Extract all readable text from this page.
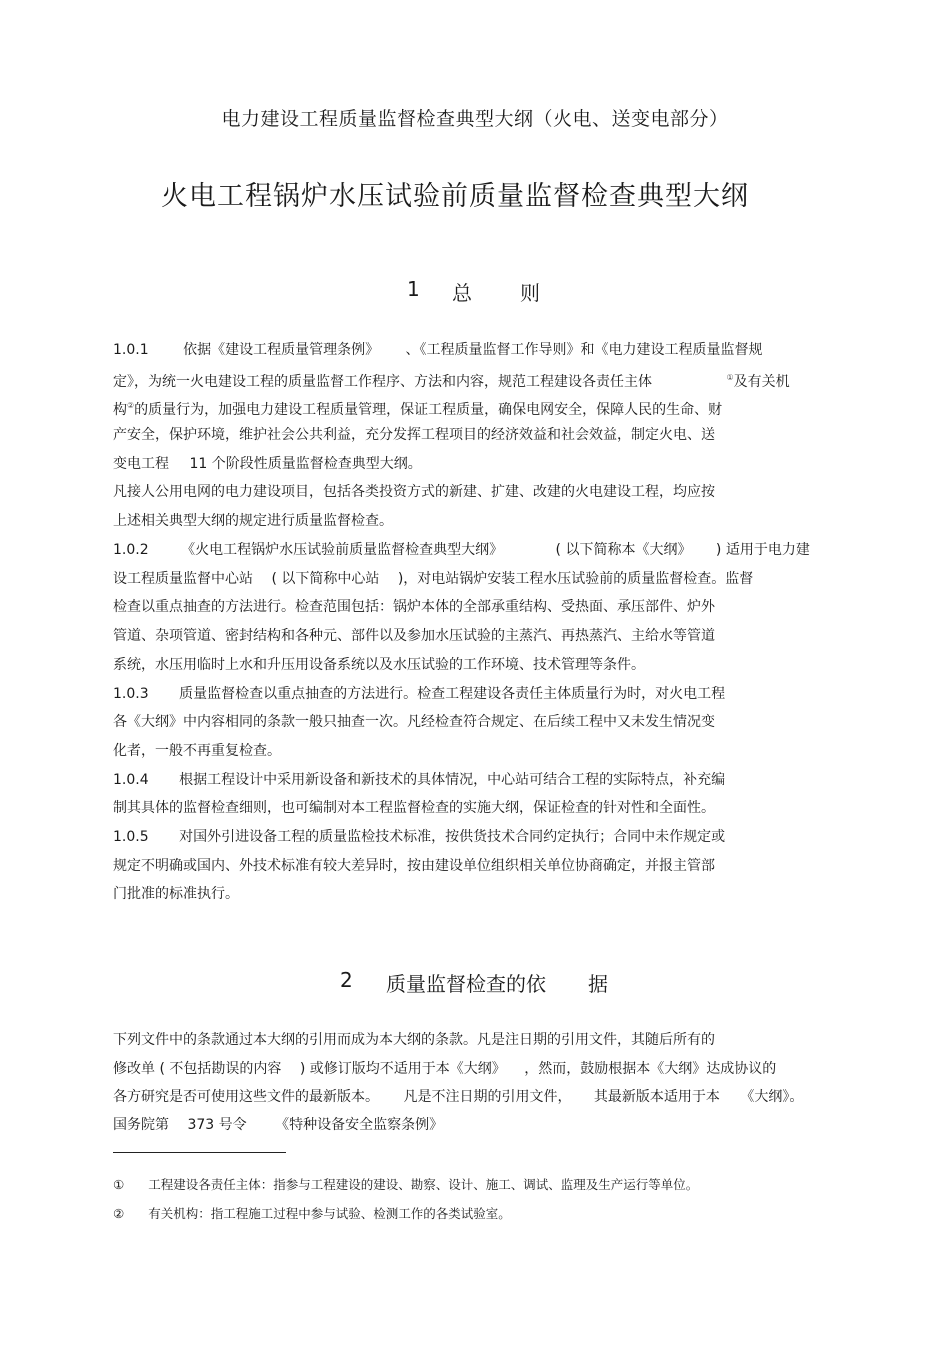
电力建设工程质量监督检查典型大纲（火电、送变电部分）
火电工程锅炉水压试验前质量监督检查典型大纲
1 总 则
1.0.1 依据《建设工程质量管理条例》 、《工程质量监督工作导则》和《电力建设工程质量监督规
定》，为统一火电建设工程的质量监督工作程序、方法和内容，规范工程建设各责任主体	①及有关机
构②的质量行为，加强电力建设工程质量管理，保证工程质量，确保电网安全，保障人民的生命、财
产安全，保护环境，维护社会公共利益，充分发挥工程项目的经济效益和社会效益，制定火电、送
变电工程 11 个阶段性质量监督检查典型大纲。
凡接人公用电网的电力建设项目，包括各类投资方式的新建、扩建、改建的火电建设工程，均应按
上述相关典型大纲的规定进行质量监督检查。
1.0.2 《火电工程锅炉水压试验前质量监督检查典型大纲》	( 以下简称本《大纲》 ) 适用于电力建
设工程质量监督中心站 ( 以下简称中心站 )，对电站锅炉安装工程水压试验前的质量监督检查。监督
检查以重点抽查的方法进行。检查范围包括：锅炉本体的全部承重结构、受热面、承压部件、炉外
管道、杂项管道、密封结构和各种元、部件以及参加水压试验的主蒸汽、再热蒸汽、主给水等管道
系统，水压用临时上水和升压用设备系统以及水压试验的工作环境、技术管理等条件。
1.0.3 质量监督检查以重点抽查的方法进行。检查工程建设各责任主体质量行为时，对火电工程
各《大纲》中内容相同的条款一般只抽查一次。凡经检查符合规定、在后续工程中又未发生情况变
化者，一般不再重复检查。
1.0.4 根据工程设计中采用新设备和新技术的具体情况，中心站可结合工程的实际特点，补充编
制其具体的监督检查细则，也可编制对本工程监督检查的实施大纲，保证检查的针对性和全面性。
1.0.5 对国外引进设备工程的质量监检技术标准，按供货技术合同约定执行；合同中未作规定或
规定不明确或国内、外技术标准有较大差异时，按由建设单位组织相关单位协商确定，并报主管部
门批准的标准执行。
2 质量监督检查的依 据
下列文件中的条款通过本大纲的引用而成为本大纲的条款。凡是注日期的引用文件，其随后所有的
修改单 ( 不包括勘误的内容 ) 或修订版均不适用于本《大纲》 ，然而，鼓励根据本《大纲》达成协议的
各方研究是否可使用这些文件的最新版本。 凡是不注日期的引用文件， 其最新版本适用于本 《大纲》。
国务院第 373 号令 《特种设备安全监察条例》
① 工程建设各责任主体：指参与工程建设的建设、勘察、设计、施工、调试、监理及生产运行等单位。
② 有关机构：指工程施工过程中参与试验、检测工作的各类试验室。
